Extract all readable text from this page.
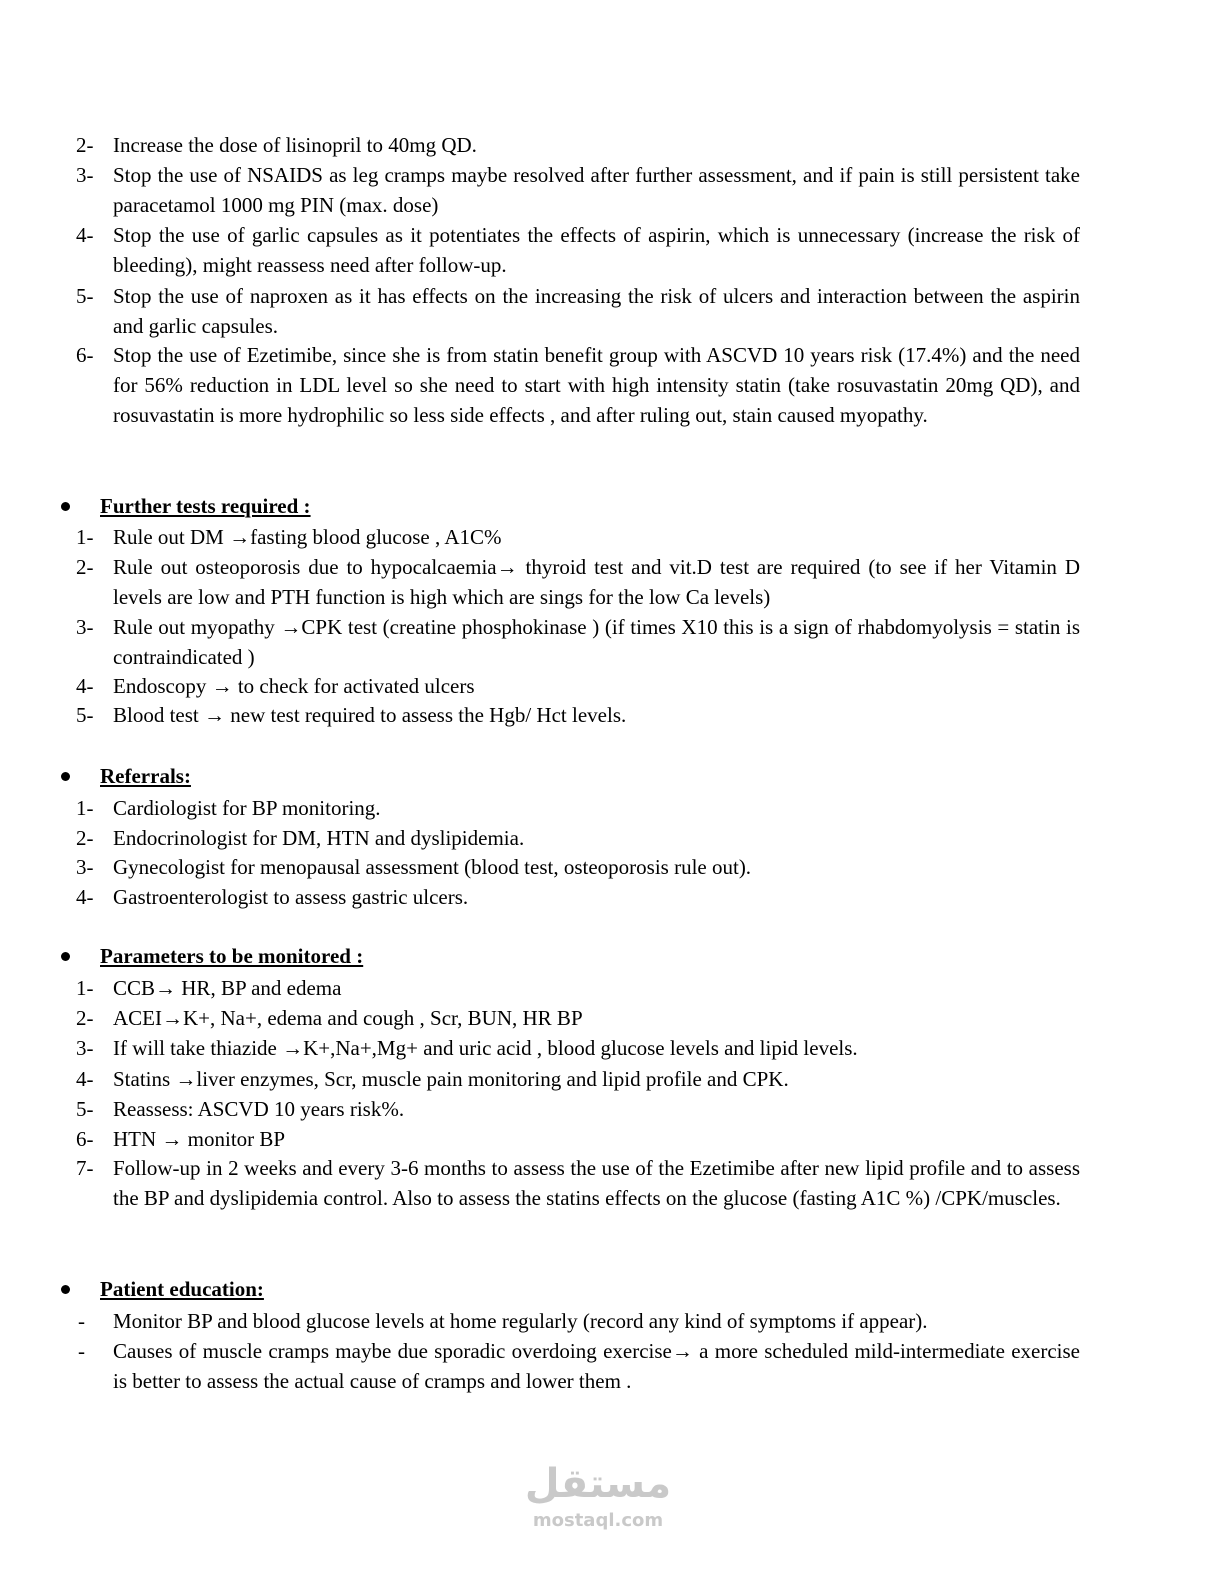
2- Increase the dose of lisinopril to 40mg QD.
3- Stop the use of NSAIDS as leg cramps maybe resolved after further assessment, and if pain is still persistent take paracetamol 1000 mg PIN (max. dose)
4- Stop the use of garlic capsules as it potentiates the effects of aspirin, which is unnecessary (increase the risk of bleeding), might reassess need after follow-up.
5- Stop the use of naproxen as it has effects on the increasing the risk of ulcers and interaction between the aspirin and garlic capsules.
6- Stop the use of Ezetimibe, since she is from statin benefit group with ASCVD 10 years risk (17.4%) and the need for 56% reduction in LDL level so she need to start with high intensity statin (take rosuvastatin 20mg QD), and rosuvastatin is more hydrophilic so less side effects , and after ruling out, stain caused myopathy.
Further tests required :
1- Rule out DM →fasting blood glucose , A1C%
2- Rule out osteoporosis due to hypocalcaemia→ thyroid test and vit.D test are required (to see if her Vitamin D levels are low and PTH function is high which are sings for the low Ca levels)
3- Rule out myopathy →CPK test (creatine phosphokinase ) (if times X10 this is a sign of rhabdomyolysis = statin is contraindicated )
4- Endoscopy → to check for activated ulcers
5- Blood test → new test required to assess the Hgb/ Hct levels.
Referrals:
1- Cardiologist for BP monitoring.
2- Endocrinologist for DM, HTN and dyslipidemia.
3- Gynecologist for menopausal assessment (blood test, osteoporosis rule out).
4- Gastroenterologist to assess gastric ulcers.
Parameters to be monitored :
1- CCB→ HR, BP and edema
2- ACEI→K+, Na+, edema and cough , Scr, BUN, HR BP
3- If will take thiazide →K+,Na+,Mg+ and uric acid , blood glucose levels and lipid levels.
4- Statins →liver enzymes, Scr, muscle pain monitoring and lipid profile and CPK.
5- Reassess: ASCVD 10 years risk%.
6- HTN → monitor BP
7- Follow-up in 2 weeks and every 3-6 months to assess the use of the Ezetimibe after new lipid profile and to assess the BP and dyslipidemia control. Also to assess the statins effects on the glucose (fasting A1C %) /CPK/muscles.
Patient education:
- Monitor BP and blood glucose levels at home regularly (record any kind of symptoms if appear).
- Causes of muscle cramps maybe due sporadic overdoing exercise→ a more scheduled mild-intermediate exercise is better to assess the actual cause of cramps and lower them .
مستقل
mostaql.com
